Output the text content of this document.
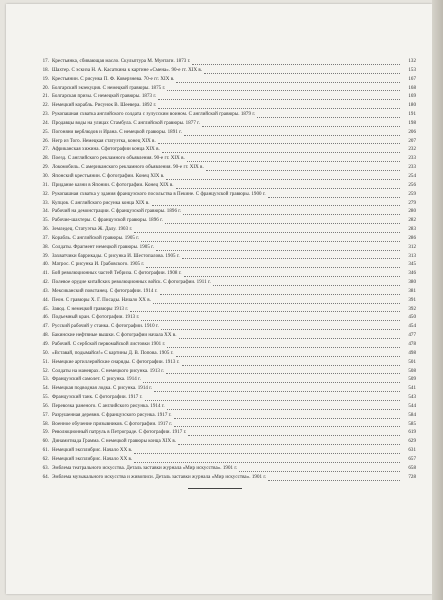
17. Крестьянка, сбивающая масло. Скульптура М. Мунтаги. 1873 г.	132
18. Шахтер. С эскиза Н. А. Касаткина к картине «Смена». 90-е гг. XIX в.	153
19. Крестьянин. С рисунка П. Ф. Коверзнева. 70-е гг. XIX в.	167
20. Болгарский экзекуция. С немецкой гравюры. 1875 г.	168
21. Болгарская призы. С немецкой гравюры. 1873 г.	169
22. Немецкий корабль. Рисунок В. Шеевера. 1892 г.	180
23. Рукопашная схватка английского солдата с зулусским воином. С английской гравюры. 1879 г.	191
24. Продавцы воды на улицах Стамбула. С английской гравюры. 1877 г.	198
25. Погоняни верблюдов и Ирана. С немецкой гравюры. 1891 г.	206
26. Негр из Того. Немецкая статуэтка, конец XIX в.	207
27. Африканская хижина. Сфотографии конца XIX в.	232
28. Поезд. С английского рекламного объявления. 90-е гг. XIX в.	233
29. Локомобиль. С американского рекламного объявления. 90-е гг. XIX в.	233
30. Японский крестьянин. С фотографии. Конец XIX в.	254
31. Придание казни в Японии. С фотографии. Конец XIX в.	256
32. Рукопашная схватка у здания французского посольства в Пекине. С французской гравюры. 1900 г.	259
33. Купцов. С английского рисунка конца XIX в.	279
34. Рабочий на демонстрации. С французской гравюры. 1896 г.	280
35. Рабочие-шахтеры. С французской гравюры. 1896 г.	282
36. Земледец. Статуэтка Ж. Далу. 1903 г.	283
37. Корабль. С английской гравюры. 1905 г.	286
38. Солдаты. Фрагмент немецкой гравюры. 1905 г.	312
39. Захватчики баррикады. С рисунка И. Шестопалова. 1905 г.	313
40. Матрос. С рисунка И. Грабовского. 1905 г.	345
41. Бой революционных частей Тебриза. С фотографии. 1908 г.	346
42. Полевое орудие китайских революционных войск. С фотографии. 1911 г.	380
43. Мексиканский повстанец. С фотографии. 1914 г.	381
44. Пеон. С гравюры Х. Г. Посады. Начало XX в.	391
45. Завод. С немецкой гравюры 1913 г.	392
46. Подъемный кран. С фотографии. 1913 г.	450
47. Русский рабочий у станка. С фотографии. 1910 г.	454
48. Бакинские нефтяные вышки. С фотографии начала XX в.	477
49. Рабочий. С сербской первомайской листовки 1901 г.	478
50. «Вставай, подымайся!» С картины Д. В. Попова. 1905 г.	498
51. Немецкие артиллерийские снаряды. С фотографии. 1913 г.	501
52. Солдаты на маневрах. С немецкого рисунка. 1913 г.	508
53. Французский самолет. С рисунка. 1914 г.	509
54. Немецкая подводная лодка. С рисунка. 1914 г.	541
55. Французский танк. С фотографии. 1917 г.	543
56. Перевозка раненого. С английского рисунка. 1914 г.	544
57. Разрушенная деревня. С французского рисунка. 1917 г.	584
58. Военное обучение призывников. С фотографии. 1917 г.	585
59. Революционный патруль в Петрограде. С фотографии. 1917 г.	619
60. Динамитиада Грамма. С немецкой гравюры конца XIX в.	629
61. Немецкий эксплибрис. Начало XX в.	631
62. Немецкий эксплибрис. Начало XX в.	657
63. Эмблема театрального искусства. Деталь заставки журнала «Мир искусства». 1901 г.	658
64. Эмблема музыкального искусства и живописи. Деталь заставки журнала «Мир искусства». 1901 г.	728
